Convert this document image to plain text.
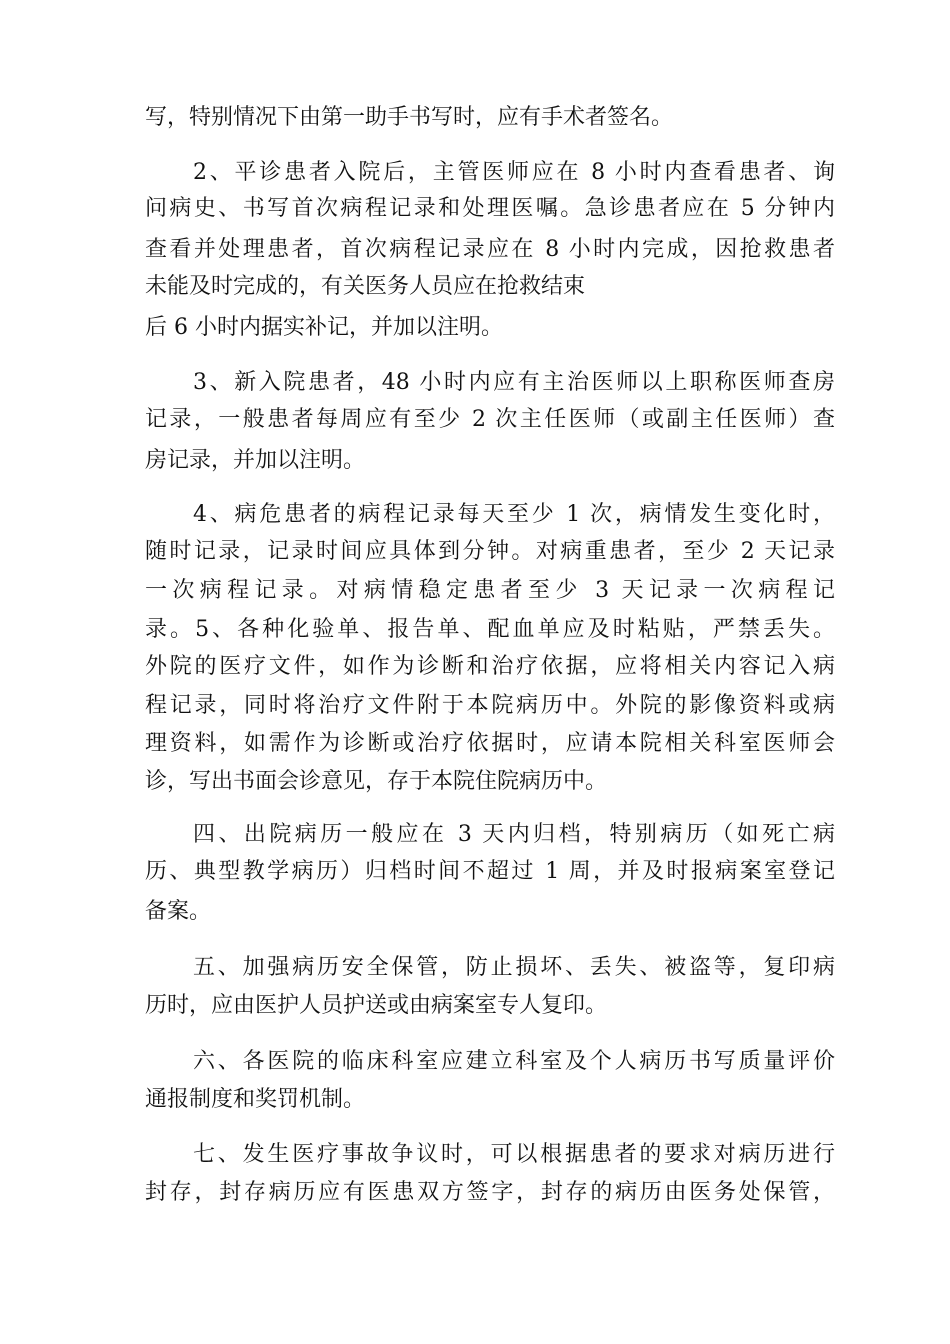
写，特别情况下由第一助手书写时，应有手术者签名。
2、平诊患者入院后，主管医师应在 8 小时内查看患者、询
问病史、书写首次病程记录和处理医嘱。急诊患者应在 5 分钟内
查看并处理患者，首次病程记录应在 8 小时内完成，因抢救患者
未能及时完成的，有关医务人员应在抢救结束
后 6 小时内据实补记，并加以注明。
3、新入院患者，48 小时内应有主治医师以上职称医师查房
记录，一般患者每周应有至少 2 次主任医师（或副主任医师）查
房记录，并加以注明。
4、病危患者的病程记录每天至少 1 次，病情发生变化时，
随时记录，记录时间应具体到分钟。对病重患者，至少 2 天记录
一次病程记录。对病情稳定患者至少 3 天记录一次病程记
录。5、各种化验单、报告单、配血单应及时粘贴，严禁丢失。
外院的医疗文件，如作为诊断和治疗依据，应将相关内容记入病
程记录，同时将治疗文件附于本院病历中。外院的影像资料或病
理资料，如需作为诊断或治疗依据时，应请本院相关科室医师会
诊，写出书面会诊意见，存于本院住院病历中。
四、出院病历一般应在 3 天内归档，特别病历（如死亡病
历、典型教学病历）归档时间不超过 1 周，并及时报病案室登记
备案。
五、加强病历安全保管，防止损坏、丢失、被盗等，复印病
历时，应由医护人员护送或由病案室专人复印。
六、各医院的临床科室应建立科室及个人病历书写质量评价
通报制度和奖罚机制。
七、发生医疗事故争议时，可以根据患者的要求对病历进行
封存，封存病历应有医患双方签字，封存的病历由医务处保管，
